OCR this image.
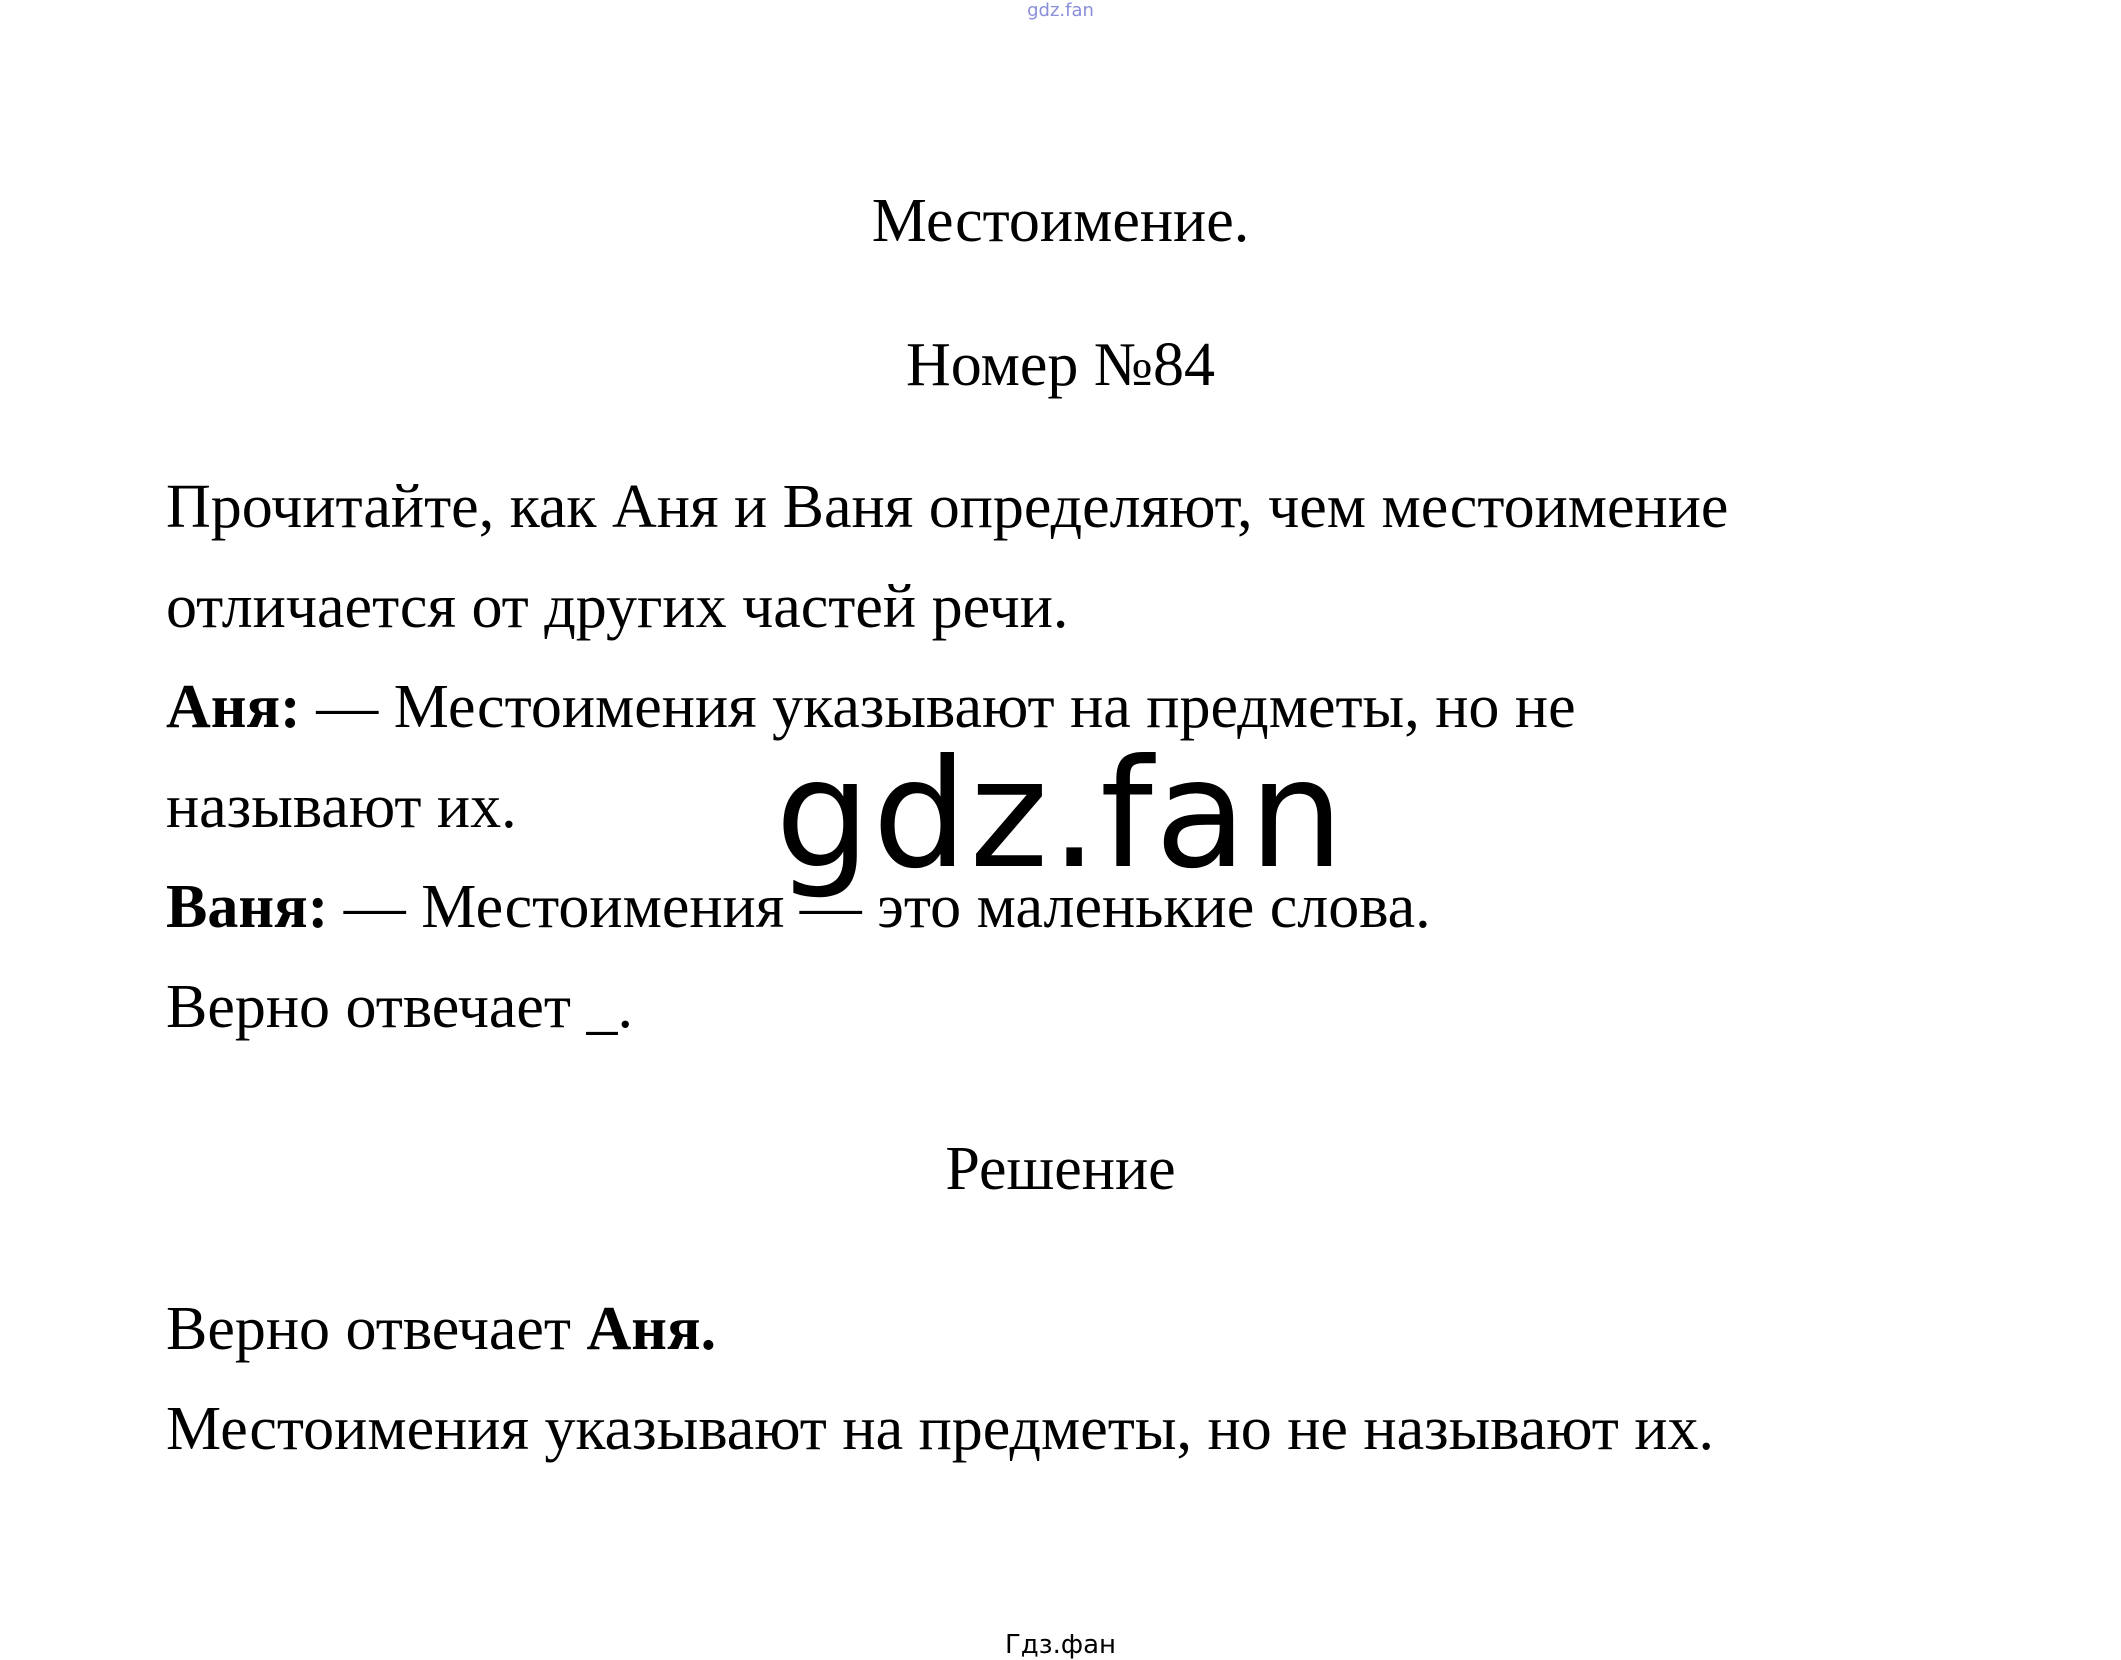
gdz.fan
Местоимение.
Номер №84
Прочитайте, как Аня и Ваня определяют, чем местоимение
отличается от других частей речи.
Аня: — Местоимения указывают на предметы, но не
называют их.
Ваня: — Местоимения — это маленькие слова.
Верно отвечает _.
Решение
Верно отвечает Аня.
Местоимения указывают на предметы, но не называют их.
gdz.fan
Гдз.фан
